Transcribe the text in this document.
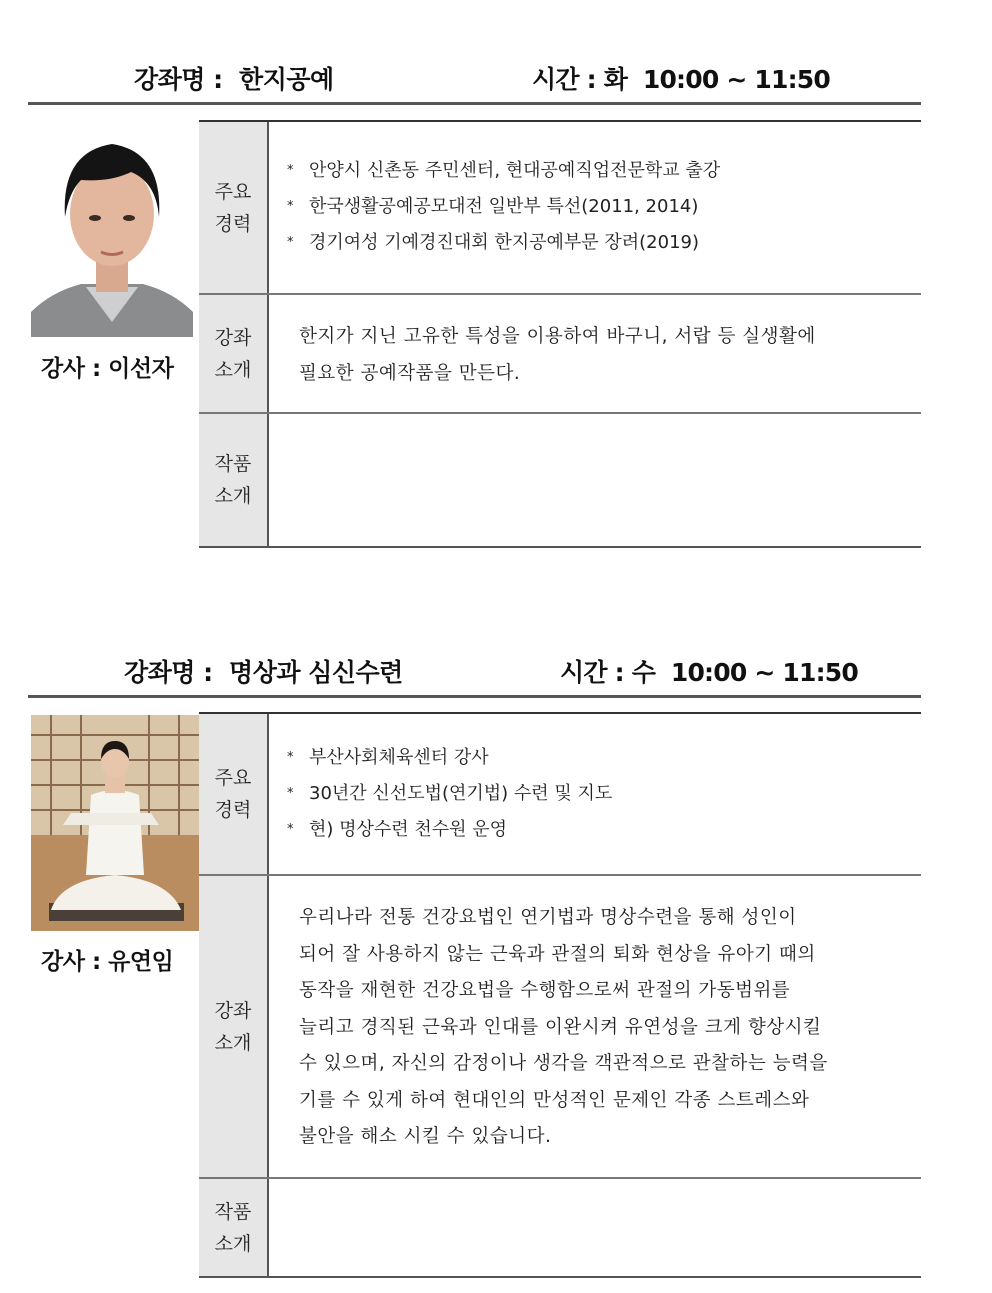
강좌명 :  한지공예	시간 : 화  10:00 ~ 11:50
강사 : 이선자
주요
경력
* 안양시 신촌동 주민센터, 현대공예직업전문학교 출강
* 한국생활공예공모대전 일반부 특선(2011, 2014)
* 경기여성 기예경진대회 한지공예부문 장려(2019)
강좌
소개
한지가 지닌 고유한 특성을 이용하여 바구니, 서랍 등 실생활에
필요한 공예작품을 만든다.
작품
소개
강좌명 :  명상과 심신수련	시간 : 수  10:00 ~ 11:50
강사 : 유연임
주요
경력
* 부산사회체육센터 강사
* 30년간 신선도법(연기법) 수련 및 지도
* 현) 명상수련 천수원 운영
강좌
소개
우리나라 전통 건강요법인 연기법과 명상수련을 통해 성인이
되어 잘 사용하지 않는 근육과 관절의 퇴화 현상을 유아기 때의
동작을 재현한 건강요법을 수행함으로써 관절의 가동범위를
늘리고 경직된 근육과 인대를 이완시켜 유연성을 크게 향상시킬
수 있으며, 자신의 감정이나 생각을 객관적으로 관찰하는 능력을
기를 수 있게 하여 현대인의 만성적인 문제인 각종 스트레스와
불안을 해소 시킬 수 있습니다.
작품
소개
